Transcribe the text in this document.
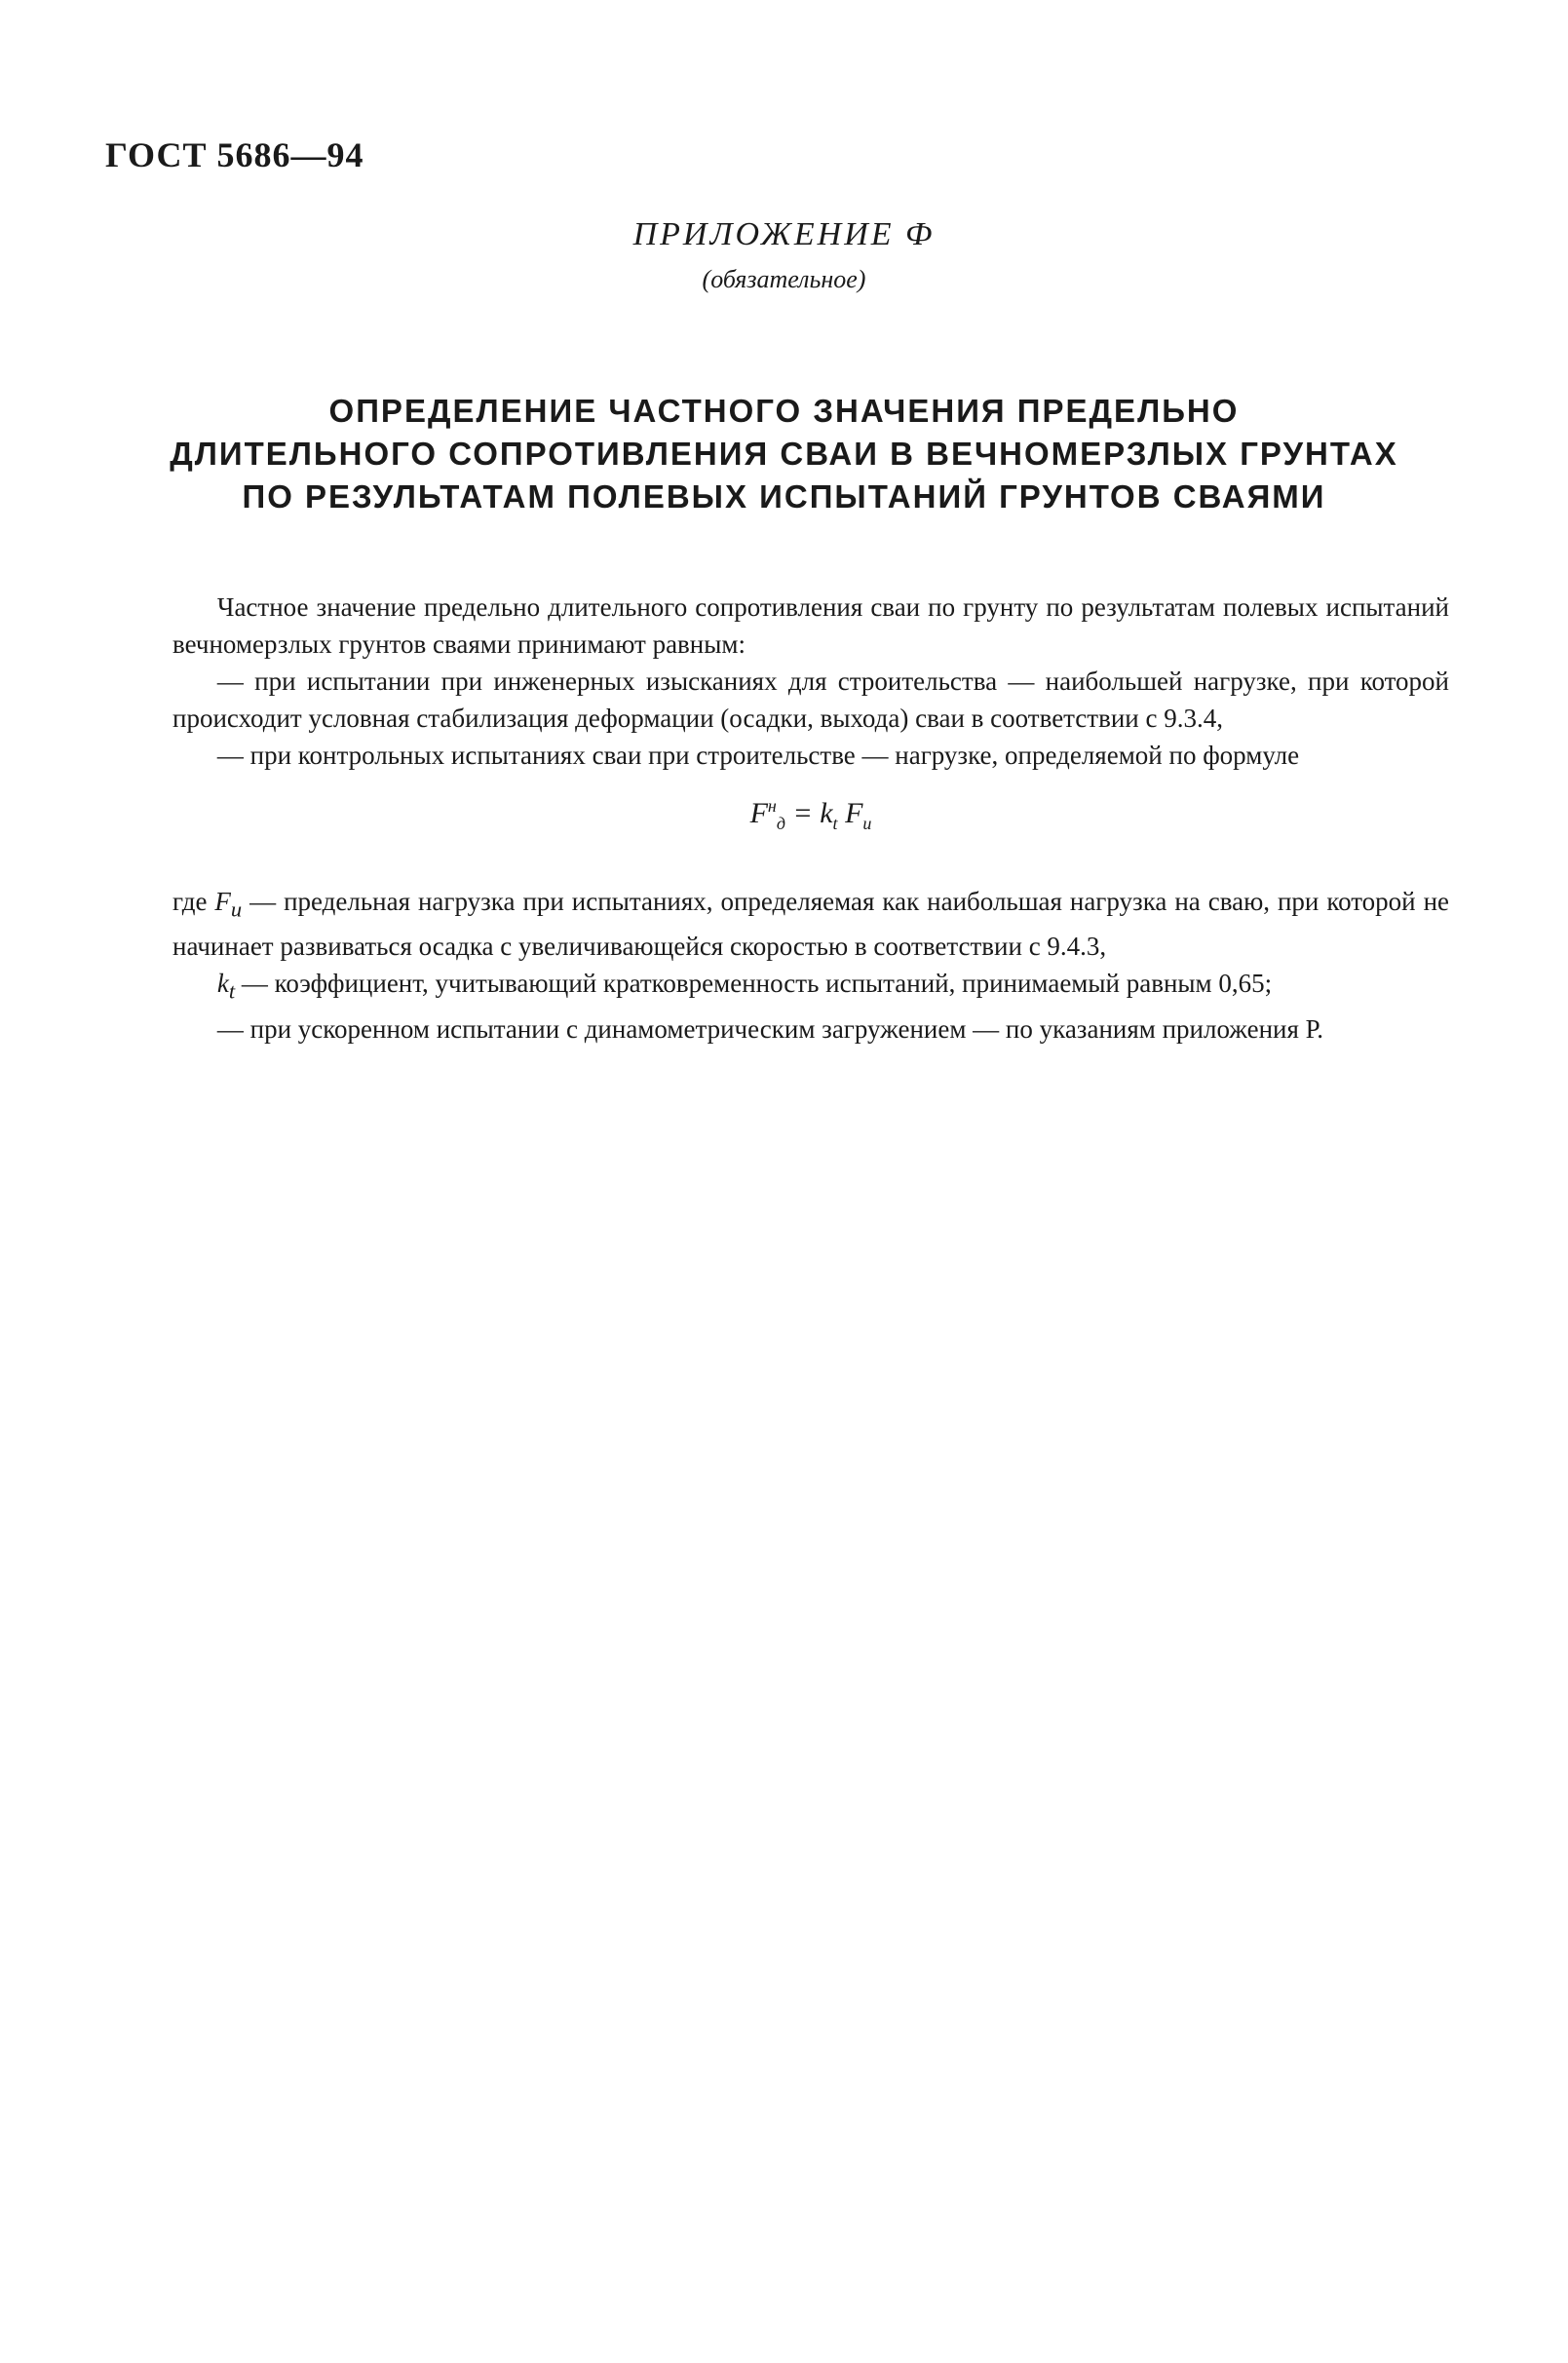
ГОСТ 5686—94
ПРИЛОЖЕНИЕ Ф
(обязательное)
ОПРЕДЕЛЕНИЕ ЧАСТНОГО ЗНАЧЕНИЯ ПРЕДЕЛЬНО
ДЛИТЕЛЬНОГО СОПРОТИВЛЕНИЯ СВАИ В ВЕЧНОМЕРЗЛЫХ ГРУНТАХ
ПО РЕЗУЛЬТАТАМ ПОЛЕВЫХ ИСПЫТАНИЙ ГРУНТОВ СВАЯМИ

Частное значение предельно длительного сопротивления сваи по грунту по результатам полевых испытаний вечномерзлых грунтов сваями принимают равным:

— при испытании при инженерных изысканиях для строительства — наибольшей нагрузке, при которой происходит условная стабилизация деформации (осадки, выхода) сваи в соответствии с 9.3.4,

— при контрольных испытаниях сваи при строительстве — нагрузке, определяемой по формуле

$F^н_д = k_t$ $F_и$

где $F_и$ — предельная нагрузка при испытаниях, определяемая как наибольшая нагрузка на сваю, при которой не начинает развиваться осадка с увеличивающейся скоростью в соответствии с 9.4.3,

$k_t$ — коэффициент, учитывающий кратковременность испытаний, принимаемый равным 0,65;

— при ускоренном испытании с динамометрическим загружением — по указаниям приложения Р.
